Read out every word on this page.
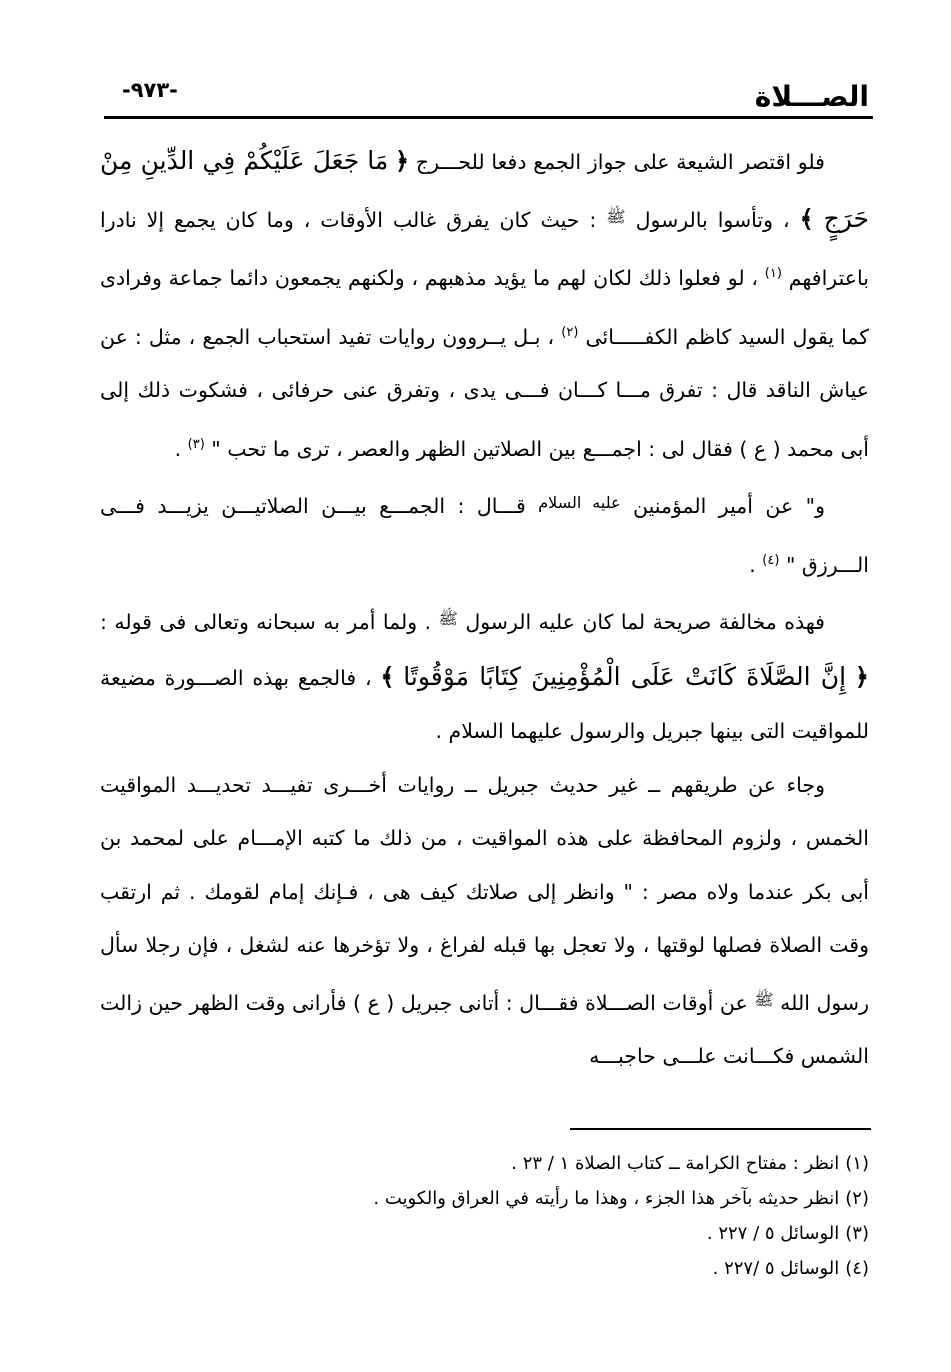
-٩٧٣-	الصـــلاة

فلو اقتصر الشيعة على جواز الجمع دفعا للحـــرج ﴿ مَا جَعَلَ عَلَيْكُمْ فِي الدِّينِ مِنْ حَرَجٍ ﴾ ، وتأسوا بالرسول $^ﷺ$ : حيث كان يفرق غالب الأوقات ، وما كان يجمع إلا نادرا باعترافهم $^{(١)}$ ، لو فعلوا ذلك لكان لهم ما يؤيد مذهبهم ، ولكنهم يجمعون دائما جماعة وفرادى كما يقول السيد كاظم الكفـــــائى $^{(٢)}$ ، بـل يــروون روايات تفيد استحباب الجمع ، مثل : عن عياش الناقد قال : تفرق مـــا كـــان فـــى يدى ، وتفرق عنى حرفائى ، فشكوت ذلك إلى أبى محمد ( ع ) فقال لى : اجمـــع بين الصلاتين الظهر والعصر ، ترى ما تحب " $^{(٣)}$ .

و" عن أمير المؤمنين $^{عليه السلام}$ قـــال : الجمـــع بيـــن الصلاتيـــن يزيـــد فـــى الـــرزق " $^{(٤)}$ .

فهذه مخالفة صريحة لما كان عليه الرسول $^ﷺ$ . ولما أمر به سبحانه وتعالى فى قوله : ﴿ إِنَّ الصَّلَاةَ كَانَتْ عَلَى الْمُؤْمِنِينَ كِتَابًا مَوْقُوتًا ﴾ ، فالجمع بهذه الصـــورة مضيعة للمواقيت التى بينها جبريل والرسول عليهما السلام .

وجاء عن طريقهم ــ غير حديث جبريل ــ روايات أخـــرى تفيـــد تحديـــد المواقيت الخمس ، ولزوم المحافظة على هذه المواقيت ، من ذلك ما كتبه الإمـــام على لمحمد بن أبى بكر عندما ولاه مصر : " وانظر إلى صلاتك كيف هى ، فـإنك إمام لقومك . ثم ارتقب وقت الصلاة فصلها لوقتها ، ولا تعجل بها قبله لفراغ ، ولا تؤخرها عنه لشغل ، فإن رجلا سأل رسول الله $^ﷺ$ عن أوقات الصـــلاة فقـــال : أتانى جبريل ( ع ) فأرانى وقت الظهر حين زالت الشمس فكـــانت علـــى حاجبـــه

(١)انظر : مفتاح الكرامة ــ كتاب الصلاة ١ / ٢٣ .
(٢)انظر حديثه بآخر هذا الجزء ، وهذا ما رأيته في العراق والكويت .
(٣)الوسائل ٥ / ٢٢٧ .
(٤)الوسائل ٥ /٢٢٧ .
